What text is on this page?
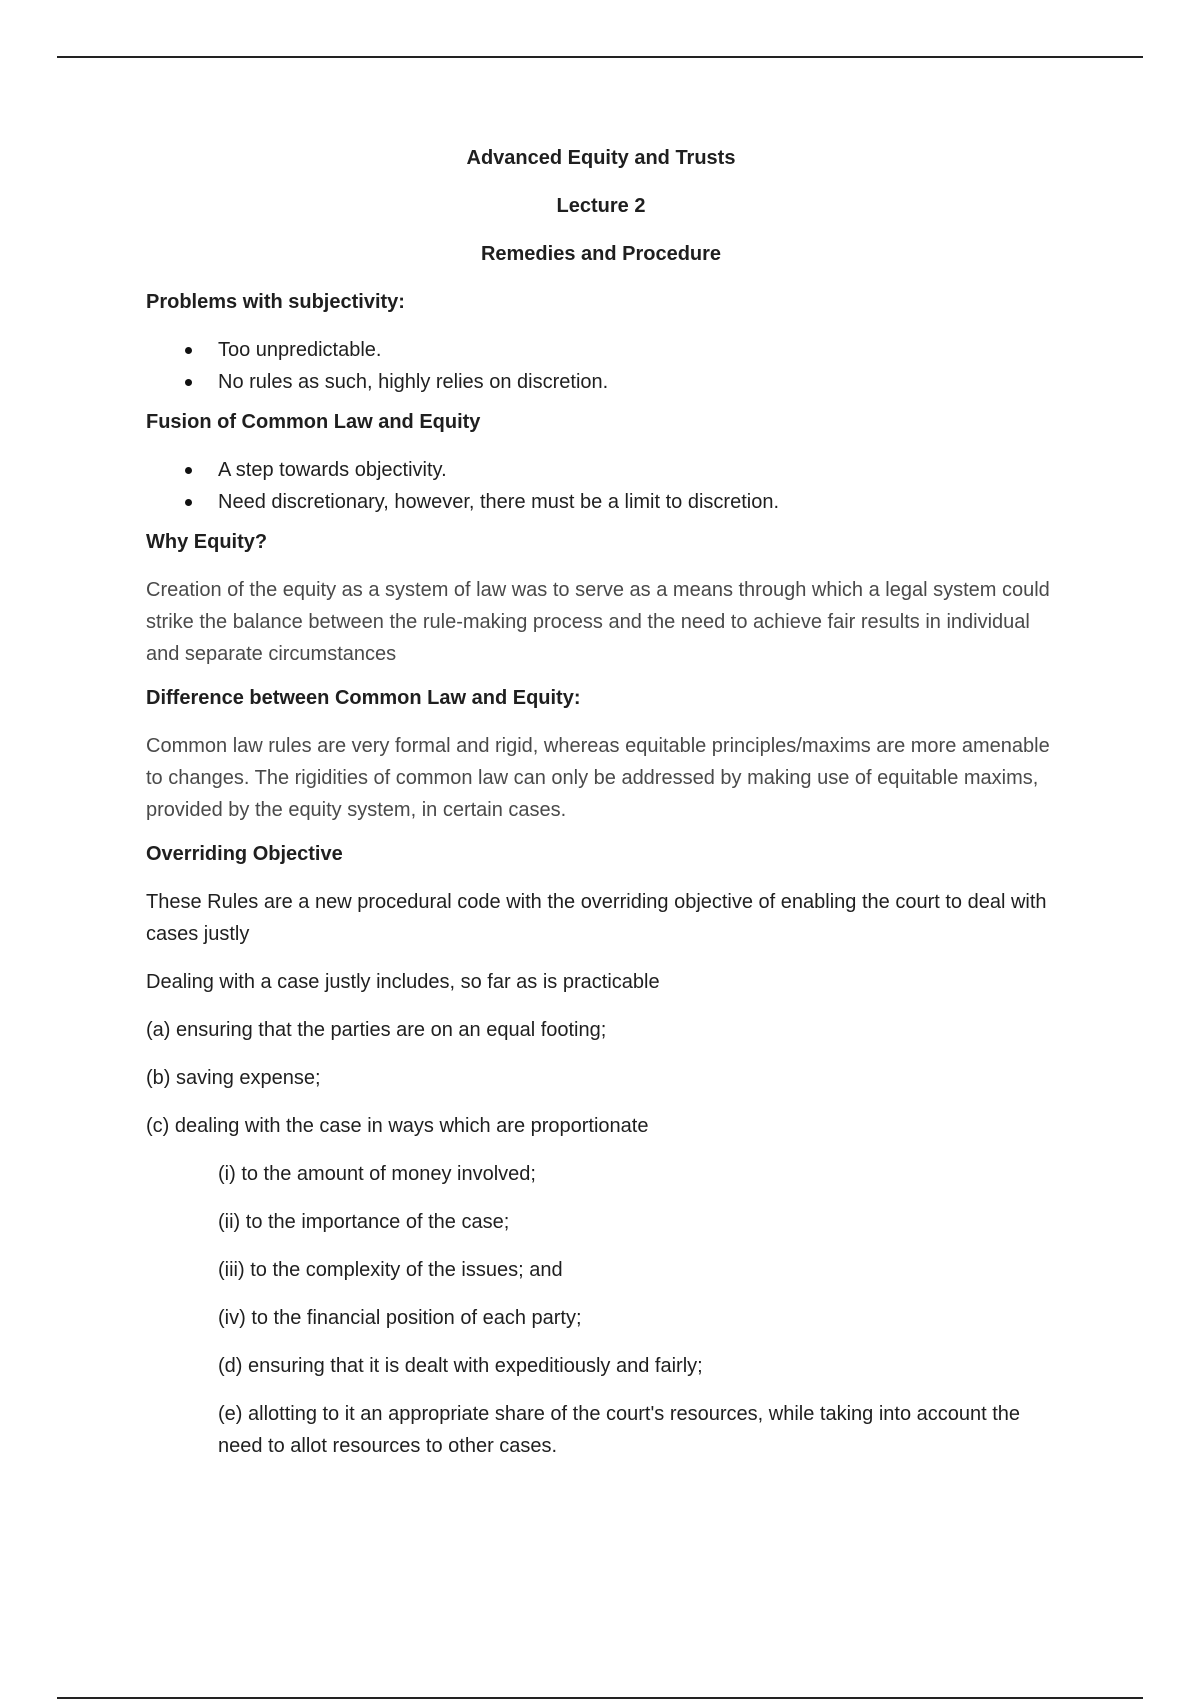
Advanced Equity and Trusts
Lecture 2
Remedies and Procedure
Problems with subjectivity:
Too unpredictable.
No rules as such, highly relies on discretion.
Fusion of Common Law and Equity
A step towards objectivity.
Need discretionary, however, there must be a limit to discretion.
Why Equity?

Creation of the equity as a system of law was to serve as a means through which a legal system could strike the balance between the rule-making process and the need to achieve fair results in individual and separate circumstances

Difference between Common Law and Equity:

Common law rules are very formal and rigid, whereas equitable principles/maxims are more amenable to changes. The rigidities of common law can only be addressed by making use of equitable maxims, provided by the equity system, in certain cases.

Overriding Objective

These Rules are a new procedural code with the overriding objective of enabling the court to deal with cases justly

Dealing with a case justly includes, so far as is practicable

(a) ensuring that the parties are on an equal footing;

(b) saving expense;

(c) dealing with the case in ways which are proportionate

(i) to the amount of money involved;

(ii) to the importance of the case;

(iii) to the complexity of the issues; and

(iv) to the financial position of each party;

(d) ensuring that it is dealt with expeditiously and fairly;

(e) allotting to it an appropriate share of the court's resources, while taking into account the need to allot resources to other cases.
